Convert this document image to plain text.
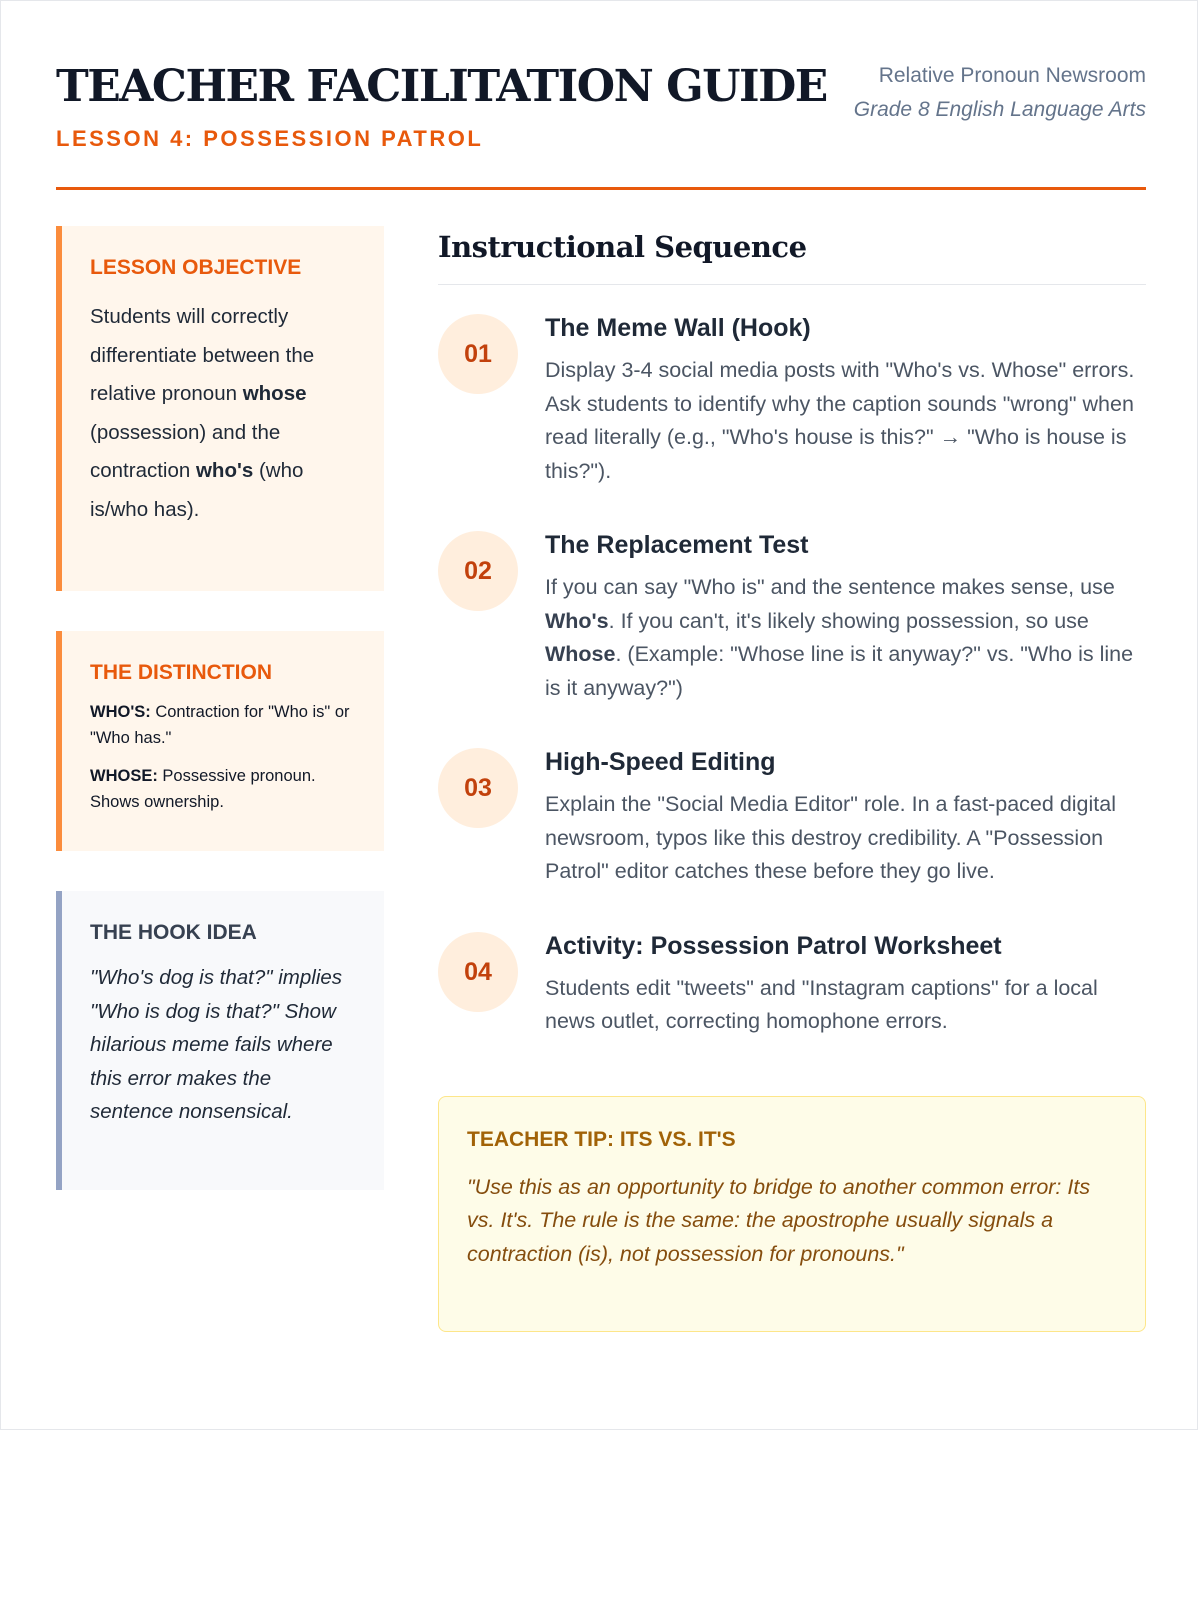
TEACHER FACILITATION GUIDE
LESSON 4: POSSESSION PATROL
Relative Pronoun Newsroom
Grade 8 English Language Arts
LESSON OBJECTIVE
Students will correctly differentiate between the relative pronoun whose (possession) and the contraction who's (who is/who has).
THE DISTINCTION
WHO'S: Contraction for "Who is" or "Who has."
WHOSE: Possessive pronoun. Shows ownership.
THE HOOK IDEA
"Who's dog is that?" implies "Who is dog is that?" Show hilarious meme fails where this error makes the sentence nonsensical.
Instructional Sequence
01
The Meme Wall (Hook)

Display 3-4 social media posts with "Who's vs. Whose" errors. Ask students to identify why the caption sounds "wrong" when read literally (e.g., "Who's house is this?" → "Who is house is this?").

02
The Replacement Test

If you can say "Who is" and the sentence makes sense, use Who's. If you can't, it's likely showing possession, so use Whose. (Example: "Whose line is it anyway?" vs. "Who is line is it anyway?")

03
High-Speed Editing

Explain the "Social Media Editor" role. In a fast-paced digital newsroom, typos like this destroy credibility. A "Possession Patrol" editor catches these before they go live.

04
Activity: Possession Patrol Worksheet

Students edit "tweets" and "Instagram captions" for a local news outlet, correcting homophone errors.

TEACHER TIP: ITS VS. IT'S

"Use this as an opportunity to bridge to another common error: Its vs. It's. The rule is the same: the apostrophe usually signals a contraction (is), not possession for pronouns."
